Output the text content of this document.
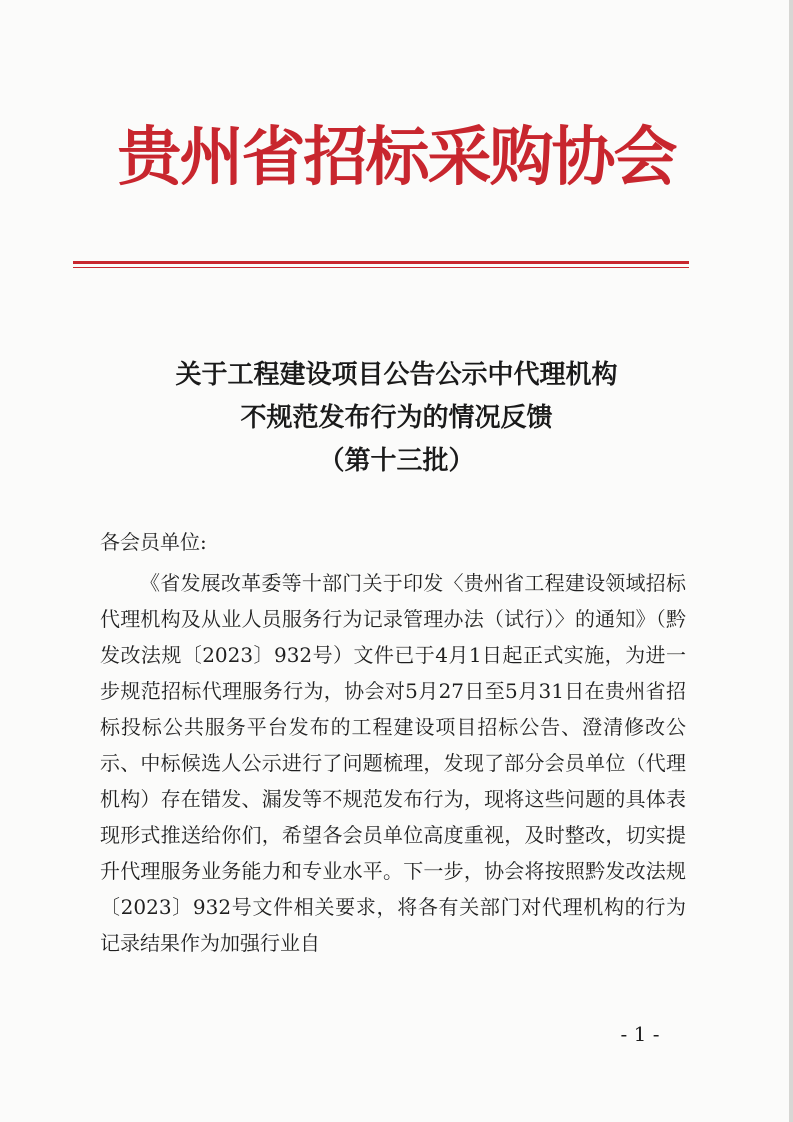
贵州省招标采购协会
关于工程建设项目公告公示中代理机构
不规范发布行为的情况反馈
（第十三批）
各会员单位:

《省发展改革委等十部门关于印发〈贵州省工程建设领域招标代理机构及从业人员服务行为记录管理办法（试行）〉的通知》（黔发改法规〔2023〕932号）文件已于4月1日起正式实施，为进一步规范招标代理服务行为，协会对5月27日至5月31日在贵州省招标投标公共服务平台发布的工程建设项目招标公告、澄清修改公示、中标候选人公示进行了问题梳理，发现了部分会员单位（代理机构）存在错发、漏发等不规范发布行为，现将这些问题的具体表现形式推送给你们，希望各会员单位高度重视，及时整改，切实提升代理服务业务能力和专业水平。下一步，协会将按照黔发改法规〔2023〕932号文件相关要求，将各有关部门对代理机构的行为记录结果作为加强行业自

- 1 -
